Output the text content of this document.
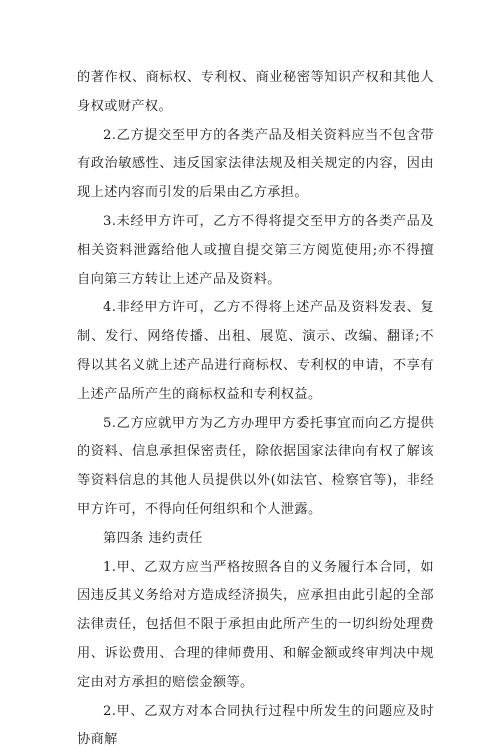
的著作权、商标权、专利权、商业秘密等知识产权和其他人身权或财产权。

2.乙方提交至甲方的各类产品及相关资料应当不包含带有政治敏感性、违反国家法律法规及相关规定的内容，因由现上述内容而引发的后果由乙方承担。

3.未经甲方许可，乙方不得将提交至甲方的各类产品及相关资料泄露给他人或擅自提交第三方阅览使用;亦不得擅自向第三方转让上述产品及资料。

4.非经甲方许可，乙方不得将上述产品及资料发表、复制、发行、网络传播、出租、展览、演示、改编、翻译;不得以其名义就上述产品进行商标权、专利权的申请，不享有上述产品所产生的商标权益和专利权益。

5.乙方应就甲方为乙方办理甲方委托事宜而向乙方提供的资料、信息承担保密责任，除依据国家法律向有权了解该等资料信息的其他人员提供以外(如法官、检察官等)，非经甲方许可，不得向任何组织和个人泄露。

第四条 违约责任

1.甲、乙双方应当严格按照各自的义务履行本合同，如因违反其义务给对方造成经济损失，应承担由此引起的全部法律责任，包括但不限于承担由此所产生的一切纠纷处理费用、诉讼费用、合理的律师费用、和解金额或终审判决中规定由对方承担的赔偿金额等。

2.甲、乙双方对本合同执行过程中所发生的问题应及时协商解
